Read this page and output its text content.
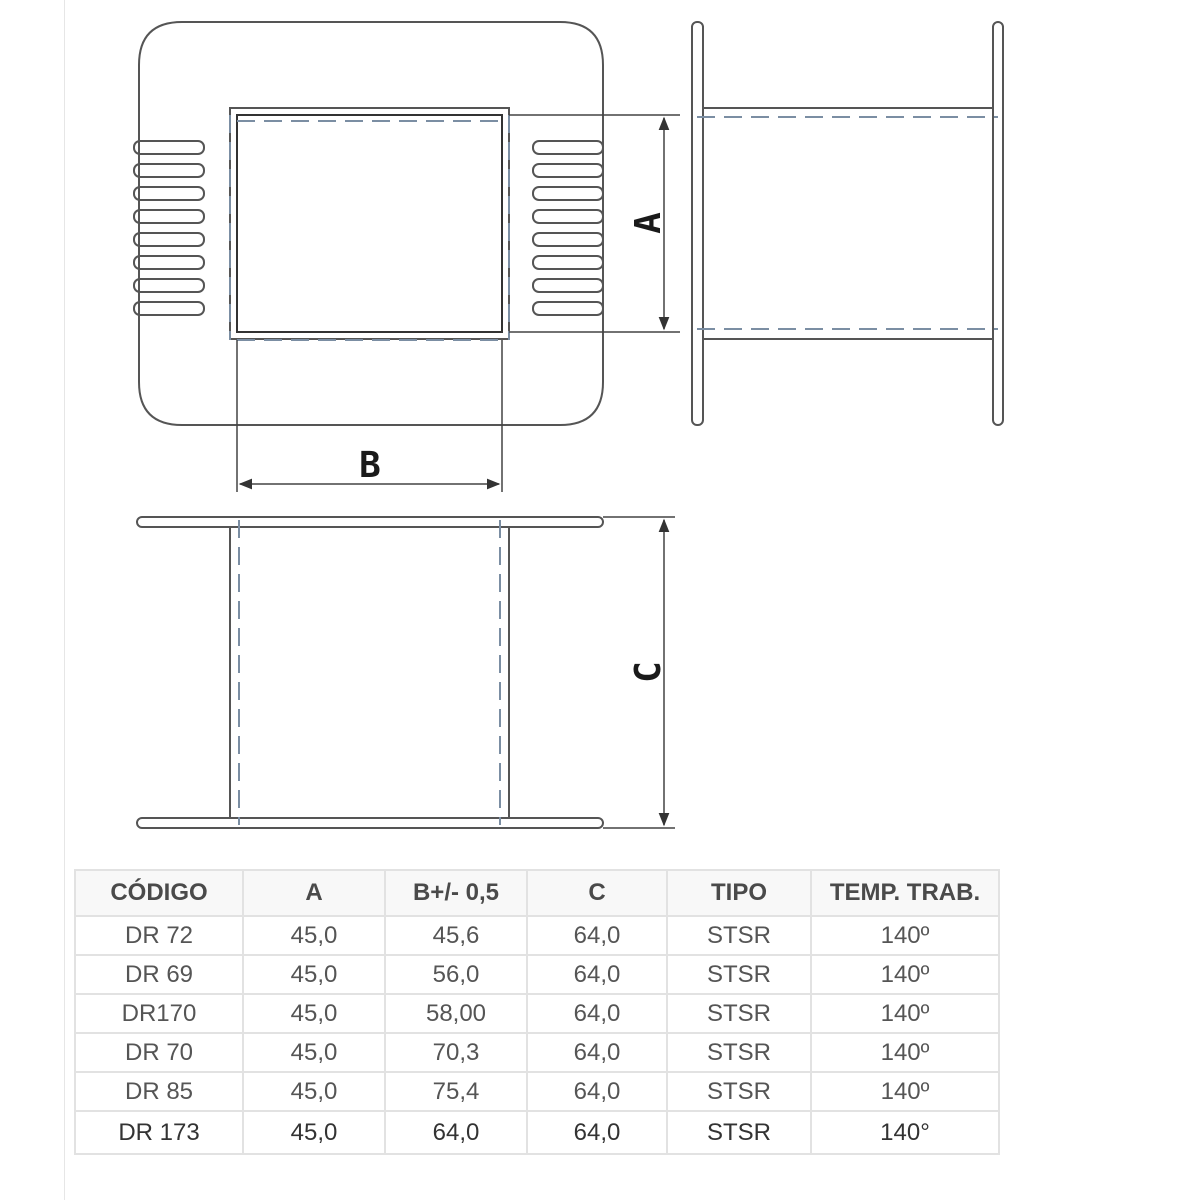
A
B
C
CÓDIGO	A	B+/- 0,5	C	TIPO	TEMP. TRAB.
DR 72	45,0	45,6	64,0	STSR	140º
DR 69	45,0	56,0	64,0	STSR	140º
DR170	45,0	58,00	64,0	STSR	140º
DR 70	45,0	70,3	64,0	STSR	140º
DR 85	45,0	75,4	64,0	STSR	140º
DR 173	45,0	64,0	64,0	STSR	140°
